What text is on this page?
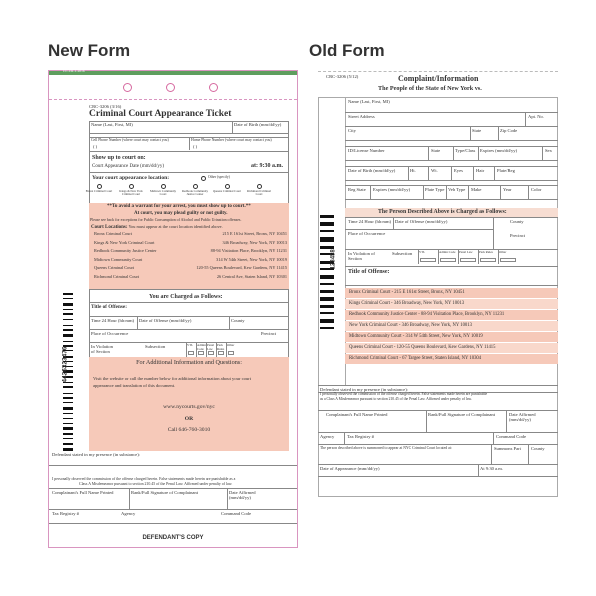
New Form	Old Form
CC-CR-1-2016
CRC-3206 (3/16)
Criminal Court Appearance Ticket
Name (Last, First, MI)	Date of Birth (mm/dd/yy)
Cell Phone Number (where court may contact you)
( )
Home Phone Number (where court may contact you)
( )
Show up to court on:
Court Appearance Date (mm/dd/yy)	at: 9:30 a.m.
Your court appearance location:	Other (specify)
Bronx Criminal Court	Kings & New York Criminal Court
Midtown Community Court
Redhook Community Justice Center
Queens Criminal Court	Richmond Criminal Court
**To avoid a warrant for your arrest, you must show up to court.**
At court, you may plead guilty or not guilty.
Please see back for exceptions for Public Consumption of Alcohol and Public Urination offenses.
Court Locations: You must appear at the court location identified above.
Bronx Criminal Court	215 E 161st Street, Bronx, NY 10451
Kings & New York Criminal Court	346 Broadway, New York, NY 10013
Redhook Community Justice Center	88-94 Visitation Place, Brooklyn, NY 11231
Midtown Community Court	314 W 54th Street, New York, NY 10019
Queens Criminal Court	120-55 Queens Boulevard, Kew Gardens, NY 11415
Richmond Criminal Court	26 Central Ave, Staten Island, NY 10301
You are Charged as Follows:
Title of Offense:
Time 24 Hour (hh:mm) Date of Offense (mm/dd/yy)	County
Place of Occurrence	Precinct
In Violation of Section
Subsection	VTL	Admin Code
Penal Law
Park Rules
Other
For Additional Information and Questions:
Visit the website or call the number below for additional information about your court
appearance and translation of this document.
www.nycourts.gov/nyc
OR
Call 646-760-3010
Defendant stated in my presence (in substance):
I personally observed the commission of the offense charged herein. False statements made herein are punishable as a
Class A Misdemeanor pursuant to section 210.45 of the Penal Law. Affirmed under penalty of law.
Complainant's Full Name Printed	Rank/Full Signature of Complainant	Date Affirmed (mm/dd/yy)
Tax Registry #	Agency	Command Code
DEFENDANT'S COPY
4426323476
CRC-3206 (5/12)	Complaint/Information
The People of the State of New York vs.
Name (Last, First, MI)
Street Address	Apt. No.
City	State	Zip Code
ID/License Number	State	Type/Class Expires (mm/dd/yy)	Sex
Date of Birth (mm/dd/yy)	Ht.	Wt.	Eyes	Hair	Plate/Reg
Reg State Expires (mm/dd/yy)	Plate Type Veh Type Make	Year	Color
The Person Described Above is Charged as Follows:
Time 24 Hour (hh:mm) Date of Offense (mm/dd/yy)	County
Place of Occurrence	Precinct
In Violation of Section
Subsection VTL	Admin Code	Penal Law	Park Rules	Other
Title of Offense:
Bronx Criminal Court - 215 E 161st Street, Bronx, NY 10451
Kings Criminal Court - 346 Broadway, New York, NY 10013
Redhook Community Justice Center - 88-94 Visitation Place, Brooklyn, NY 11231
New York Criminal Court - 346 Broadway, New York, NY 10013
Midtown Community Court - 314 W 54th Street, New York, NY 10019
Queens Criminal Court - 120-55 Queens Boulevard, Kew Gardens, NY 11415
Richmond Criminal Court - 67 Targee Street, Staten Island, NY 10304
Defendant stated in my presence (in substance):
I personally observed the commission of the offense charged herein. False statements made herein are punishable
as a Class A Misdemeanor pursuant to section 210.45 of the Penal Law. Affirmed under penalty of law.
Complainant's Full Name Printed	Rank/Full Signature of Complainant	Date Affirmed (mm/dd/yy)
Agency	Tax Registry #	Command Code
The person described above is summoned to appear at NYC Criminal Court located at:	Summons Part County
Date of Appearance (mm/dd/yy)	At 9:30 a.m.
123458
